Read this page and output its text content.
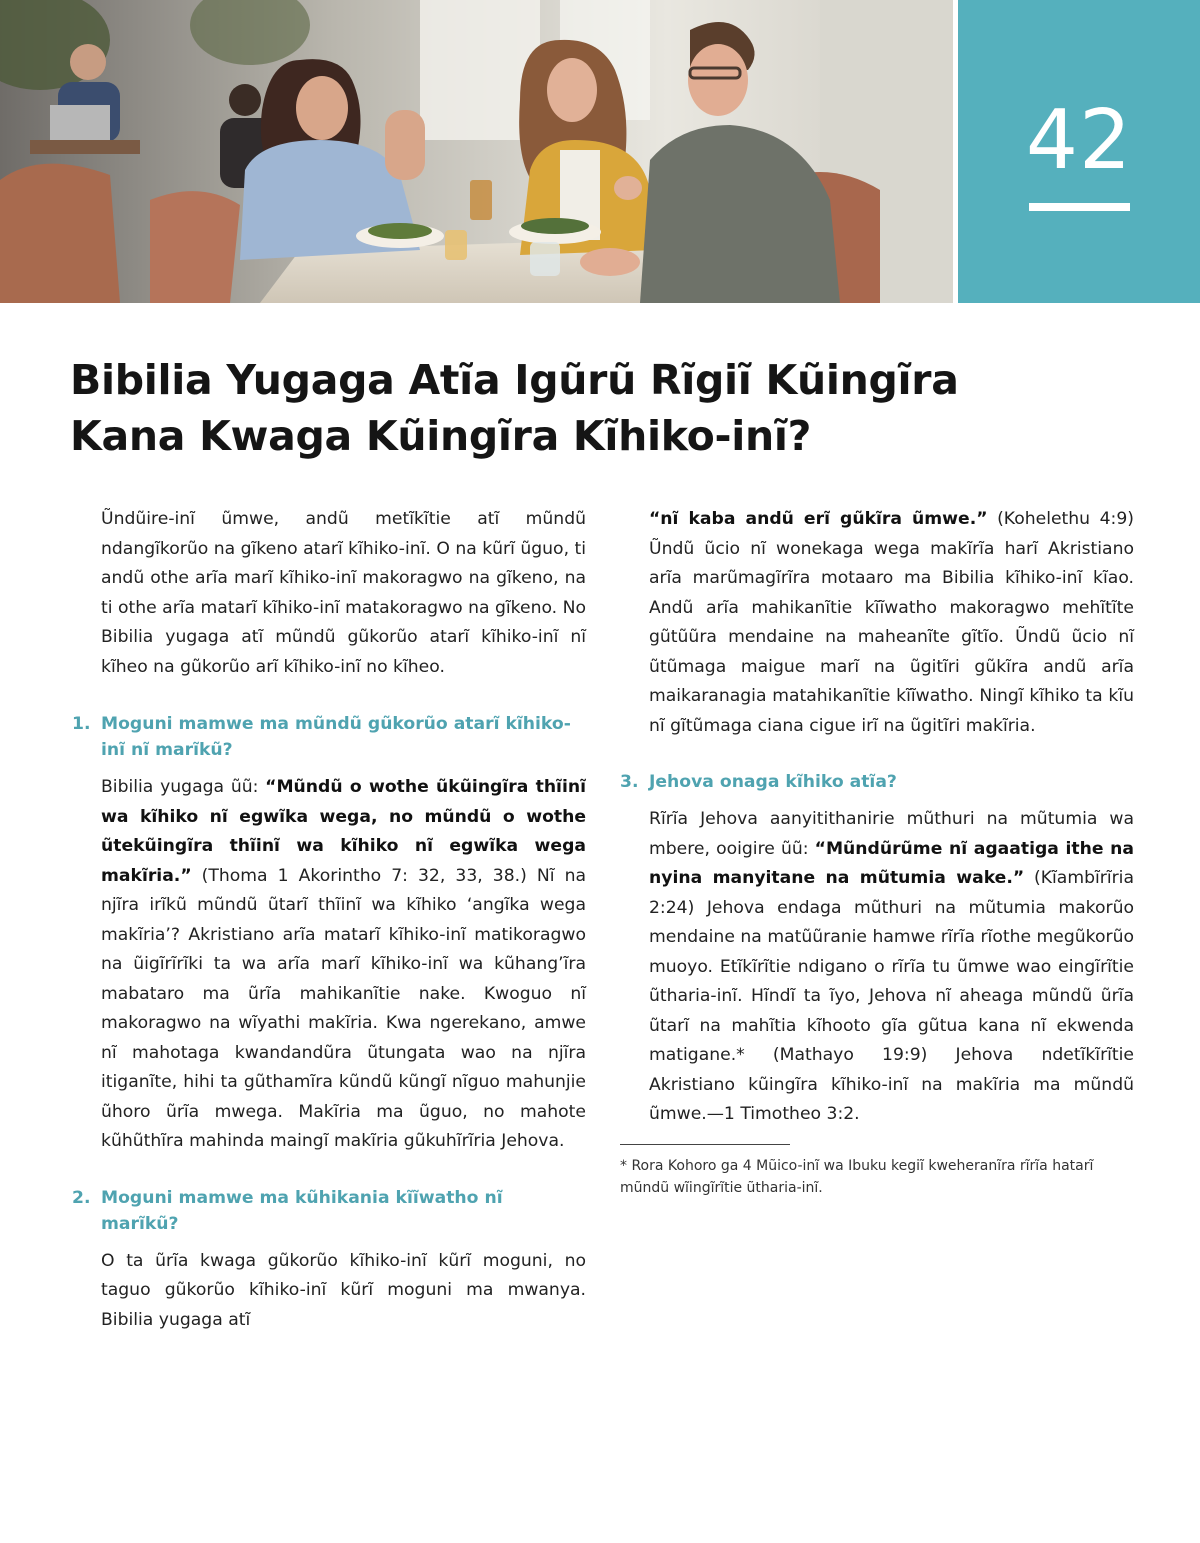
42
Bibilia Yugaga Atĩa Igũrũ Rĩgiĩ Kũingĩra
Kana Kwaga Kũingĩra Kĩhiko-inĩ?

Ũndũire-inĩ ũmwe, andũ metĩkĩtie atĩ mũndũ ndangĩkorũo na gĩkeno atarĩ kĩhiko-inĩ. O na kũrĩ ũguo, ti andũ othe arĩa marĩ kĩhiko-inĩ makoragwo na gĩkeno, na ti othe arĩa matarĩ kĩhiko-inĩ matakoragwo na gĩkeno. No Bibilia yugaga atĩ mũndũ gũkorũo atarĩ kĩhiko-inĩ nĩ kĩheo na gũkorũo arĩ kĩhiko-inĩ no kĩheo.

1. Moguni mamwe ma mũndũ gũkorũo atarĩ kĩhiko-inĩ nĩ marĩkũ?

Bibilia yugaga ũũ: “Mũndũ o wothe ũkũingĩra thĩinĩ wa kĩhiko nĩ egwĩka wega, no mũndũ o wothe ũtekũingĩra thĩinĩ wa kĩhiko nĩ egwĩka wega makĩria.” (Thoma 1 Akorintho 7: 32, 33, 38.) Nĩ na njĩra irĩkũ mũndũ ũtarĩ thĩinĩ wa kĩhiko ‘angĩka wega makĩria’? Akristiano arĩa matarĩ kĩhiko-inĩ matikoragwo na ũigĩrĩrĩki ta wa arĩa marĩ kĩhiko-inĩ wa kũhang’ĩra mabataro ma ũrĩa mahikanĩtie nake. Kwoguo nĩ makoragwo na wĩyathi makĩria. Kwa ngerekano, amwe nĩ mahotaga kwandandũra ũtungata wao na njĩra itiganĩte, hihi ta gũthamĩra kũndũ kũngĩ nĩguo mahunjie ũhoro ũrĩa mwega. Makĩria ma ũguo, no mahote kũhũthĩra mahinda maingĩ makĩria gũkuhĩrĩria Jehova.

2. Moguni mamwe ma kũhikania kĩĩwatho nĩ marĩkũ?

O ta ũrĩa kwaga gũkorũo kĩhiko-inĩ kũrĩ moguni, no taguo gũkorũo kĩhiko-inĩ kũrĩ moguni ma mwanya. Bibilia yugaga atĩ

“nĩ kaba andũ erĩ gũkĩra ũmwe.” (Kohelethu 4:9) Ũndũ ũcio nĩ wonekaga wega makĩrĩa harĩ Akristiano arĩa marũmagĩrĩra motaaro ma Bibilia kĩhiko-inĩ kĩao. Andũ arĩa mahikanĩtie kĩĩwatho makoragwo mehĩtĩte gũtũũra mendaine na maheanĩte gĩtĩo. Ũndũ ũcio nĩ ũtũmaga maigue marĩ na ũgitĩri gũkĩra andũ arĩa maikaranagia matahikanĩtie kĩĩwatho. Ningĩ kĩhiko ta kĩu nĩ gĩtũmaga ciana cigue irĩ na ũgitĩri makĩria.

3. Jehova onaga kĩhiko atĩa?

Rĩrĩa Jehova aanyitithanirie mũthuri na mũtumia wa mbere, ooigire ũũ: “Mũndũrũme nĩ agaatiga ithe na nyina manyitane na mũtumia wake.” (Kĩambĩrĩria 2:24) Jehova endaga mũthuri na mũtumia makorũo mendaine na matũũranie hamwe rĩrĩa rĩothe megũkorũo muoyo. Etĩkĩrĩtie ndigano o rĩrĩa tu ũmwe wao eingĩrĩtie ũtharia-inĩ. Hĩndĩ ta ĩyo, Jehova nĩ aheaga mũndũ ũrĩa ũtarĩ na mahĩtia kĩhooto gĩa gũtua kana nĩ ekwenda matigane.* (Mathayo 19:9) Jehova ndetĩkĩrĩtie Akristiano kũingĩra kĩhiko-inĩ na makĩria ma mũndũ ũmwe.—1 Timotheo 3:2.

* Rora Kohoro ga 4 Mũico-inĩ wa Ibuku kegiĩ kweheranĩra rĩrĩa hatarĩ mũndũ wĩingĩrĩtie ũtharia-inĩ.
